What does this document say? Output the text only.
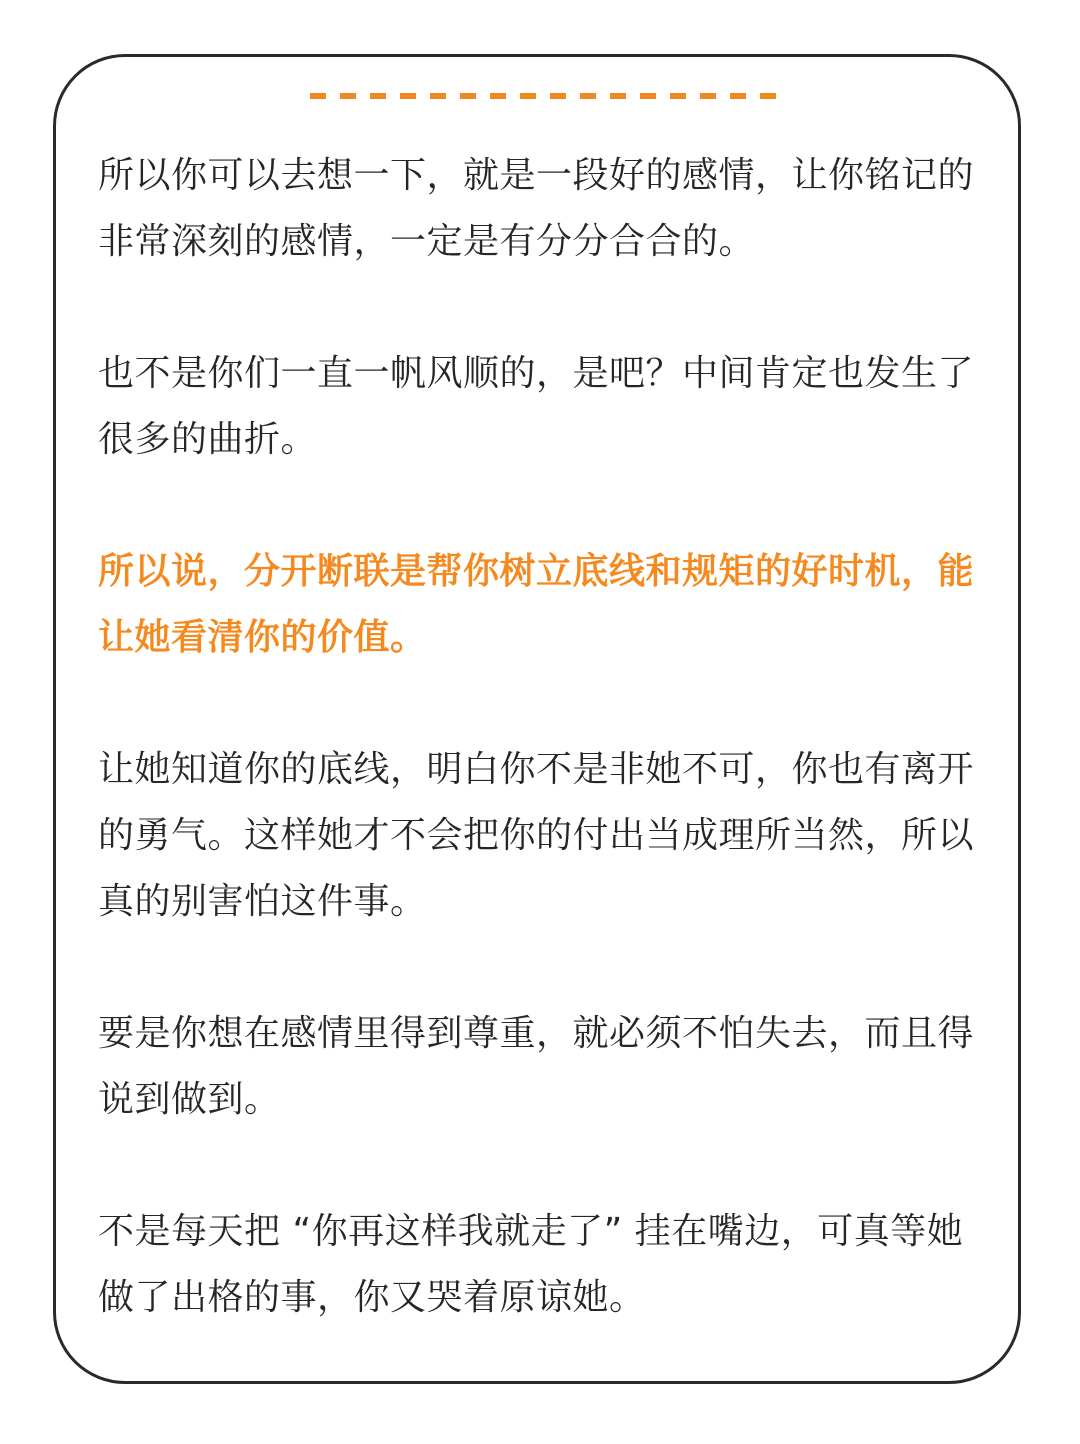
所以你可以去想一下，就是一段好的感情，让你铭记的非常深刻的感情，一定是有分分合合的。

也不是你们一直一帆风顺的，是吧？中间肯定也发生了很多的曲折。

所以说，分开断联是帮你树立底线和规矩的好时机，能让她看清你的价值。

让她知道你的底线，明白你不是非她不可，你也有离开的勇气。这样她才不会把你的付出当成理所当然，所以真的别害怕这件事。

要是你想在感情里得到尊重，就必须不怕失去，而且得说到做到。

不是每天把 “你再这样我就走了” 挂在嘴边，可真等她做了出格的事，你又哭着原谅她。
